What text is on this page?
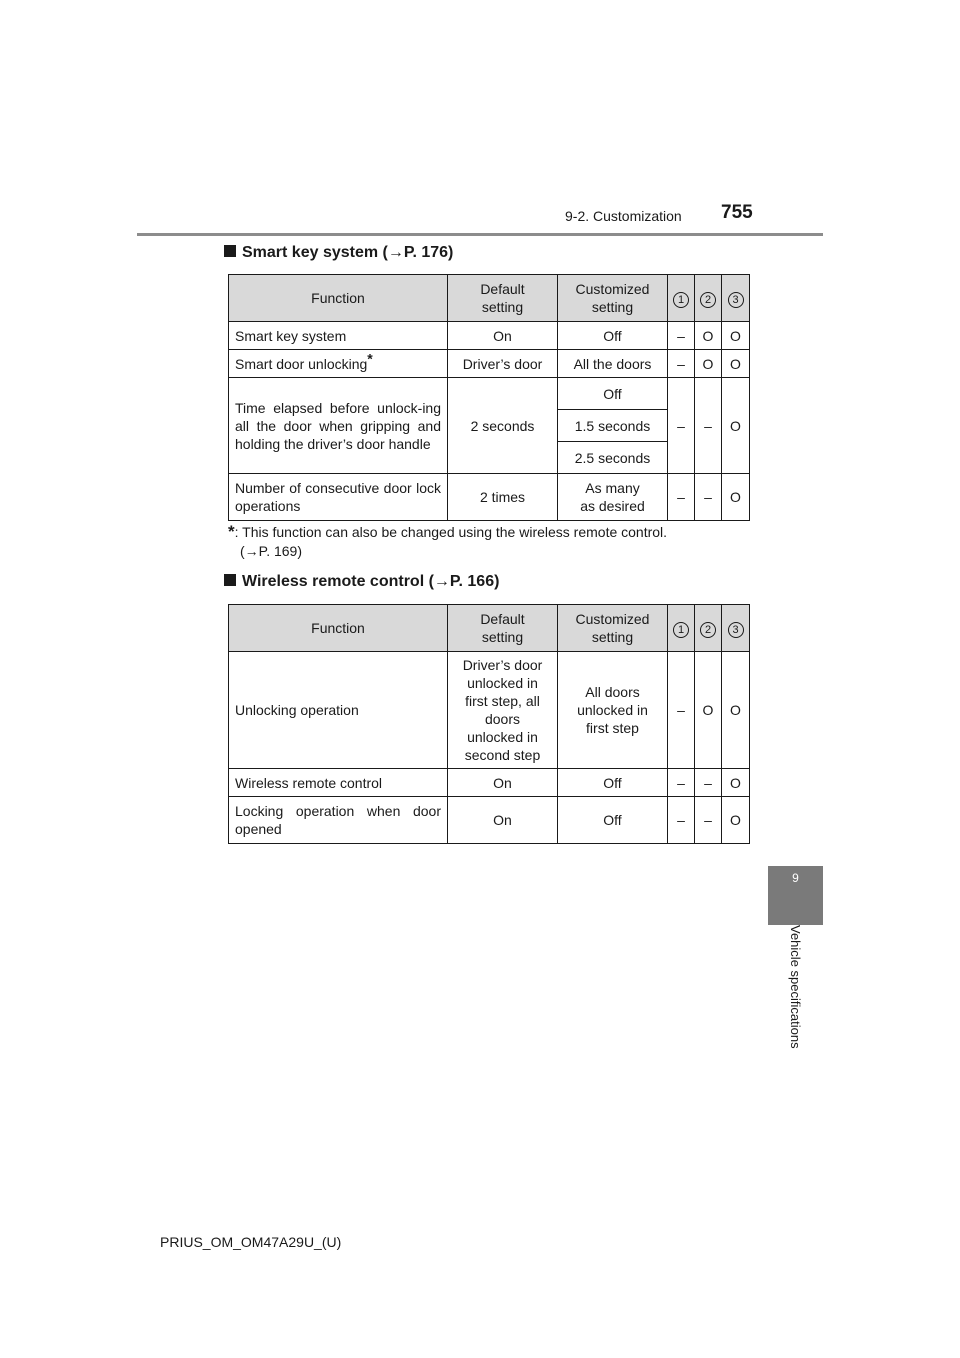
9-2. Customization 755
9
Vehicle specifications
Smart key system (→P. 176)
Function	Default setting	Customized setting	1	2	3
Smart key system	On	Off	–	O	O
Smart door unlocking*	Driver’s door	All the doors	–	O	O
Time elapsed before unlock-ing all the door when gripping and holding the driver’s door handle	2 seconds	Off	–	–	O
		1.5 seconds			
		2.5 seconds			
Number of consecutive door lock operations	2 times	As many as desired	–	–	O
*: This function can also be changed using the wireless remote control.
(→P. 169)
Wireless remote control (→P. 166)
Function	Default setting	Customized setting	1	2	3
Unlocking operation	Driver’s door unlocked in first step, all doors unlocked in second step	All doors unlocked in first step	–	O	O
Wireless remote control	On	Off	–	–	O
Locking operation when door opened	On	Off	–	–	O
PRIUS_OM_OM47A29U_(U)
